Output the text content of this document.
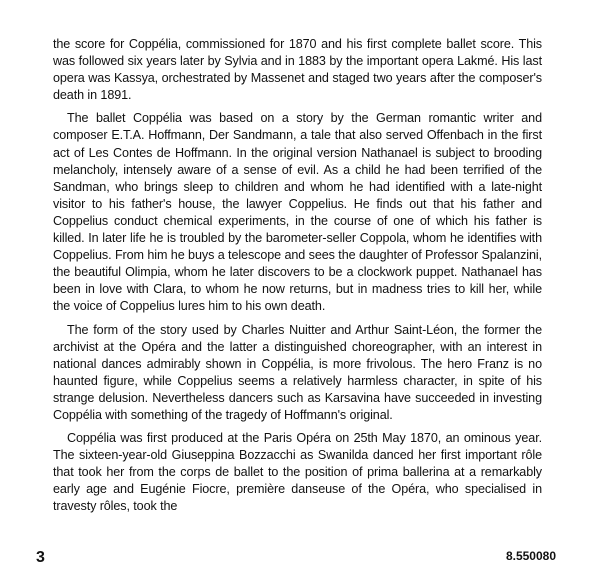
the score for Coppélia, commissioned for 1870 and his first complete ballet score. This was followed six years later by Sylvia and in 1883 by the important opera Lakmé. His last opera was Kassya, orchestrated by Massenet and staged two years after the composer's death in 1891.

The ballet Coppélia was based on a story by the German romantic writer and composer E.T.A. Hoffmann, Der Sandmann, a tale that also served Offenbach in the first act of Les Contes de Hoffmann. In the original version Nathanael is subject to brooding melancholy, intensely aware of a sense of evil. As a child he had been terrified of the Sandman, who brings sleep to children and whom he had identified with a late-night visitor to his father's house, the lawyer Coppelius. He finds out that his father and Coppelius conduct chemical experiments, in the course of one of which his father is killed. In later life he is troubled by the barometer-seller Coppola, whom he identifies with Coppelius. From him he buys a telescope and sees the daughter of Professor Spalanzini, the beautiful Olimpia, whom he later discovers to be a clockwork puppet. Nathanael has been in love with Clara, to whom he now returns, but in madness tries to kill her, while the voice of Coppelius lures him to his own death.

The form of the story used by Charles Nuitter and Arthur Saint-Léon, the former the archivist at the Opéra and the latter a distinguished choreographer, with an interest in national dances admirably shown in Coppélia, is more frivolous. The hero Franz is no haunted figure, while Coppelius seems a relatively harmless character, in spite of his strange delusion. Nevertheless dancers such as Karsavina have succeeded in investing Coppélia with something of the tragedy of Hoffmann's original.

Coppélia was first produced at the Paris Opéra on 25th May 1870, an ominous year. The sixteen-year-old Giuseppina Bozzacchi as Swanilda danced her first important rôle that took her from the corps de ballet to the position of prima ballerina at a remarkably early age and Eugénie Fiocre, première danseuse of the Opéra, who specialised in travesty rôles, took the

3	8.550080
